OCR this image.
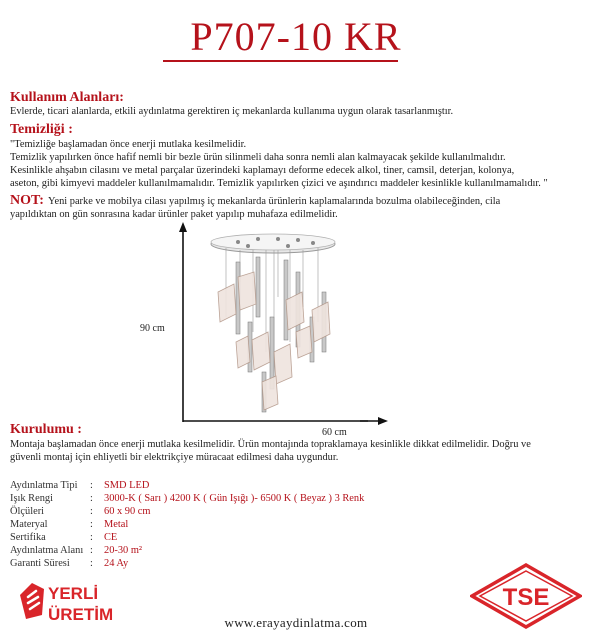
P707-10 KR
Kullanım Alanları:
Evlerde, ticari alanlarda, etkili aydınlatma gerektiren iç mekanlarda kullanıma uygun olarak tasarlanmıştır.
Temizliği :
"Temizliğe başlamadan önce enerji mutlaka kesilmelidir.
Temizlik yapılırken önce hafif nemli bir bezle ürün silinmeli daha sonra nemli alan kalmayacak şekilde kullanılmalıdır.
Kesinlikle ahşabın cilasını ve metal parçalar üzerindeki kaplamayı deforme edecek alkol, tiner, camsil, deterjan, kolonya,
aseton, gibi kimyevi maddeler kullanılmamalıdır. Temizlik yapılırken çizici ve aşındırıcı maddeler kesinlikle kullanılmamalıdır. "
NOT: Yeni parke ve mobilya cilası yapılmış iç mekanlarda ürünlerin kaplamalarında bozulma olabileceğinden, cila
yapıldıktan on gün sonrasına kadar ürünler paket yapılıp muhafaza edilmelidir.
90 cm
60 cm
Kurulumu :
Montaja başlamadan önce enerji mutlaka kesilmelidir. Ürün montajında topraklamaya kesinlikle dikkat edilmelidir. Doğru ve
güvenli montaj için ehliyetli bir elektrikçiye müracaat edilmesi daha uygundur.
Aydınlatma Tipi : SMD LED
Işık Rengi	: 3000-K ( Sarı ) 4200 K ( Gün Işığı )- 6500 K ( Beyaz ) 3 Renk
Ölçüleri	: 60 x 90 cm
Materyal	: Metal
Sertifika	: CE
Aydınlatma Alanı : 20-30 m²
Garanti Süresi : 24 Ay
YERLİ
ÜRETİM	www.erayaydinlatma.com
TSE
